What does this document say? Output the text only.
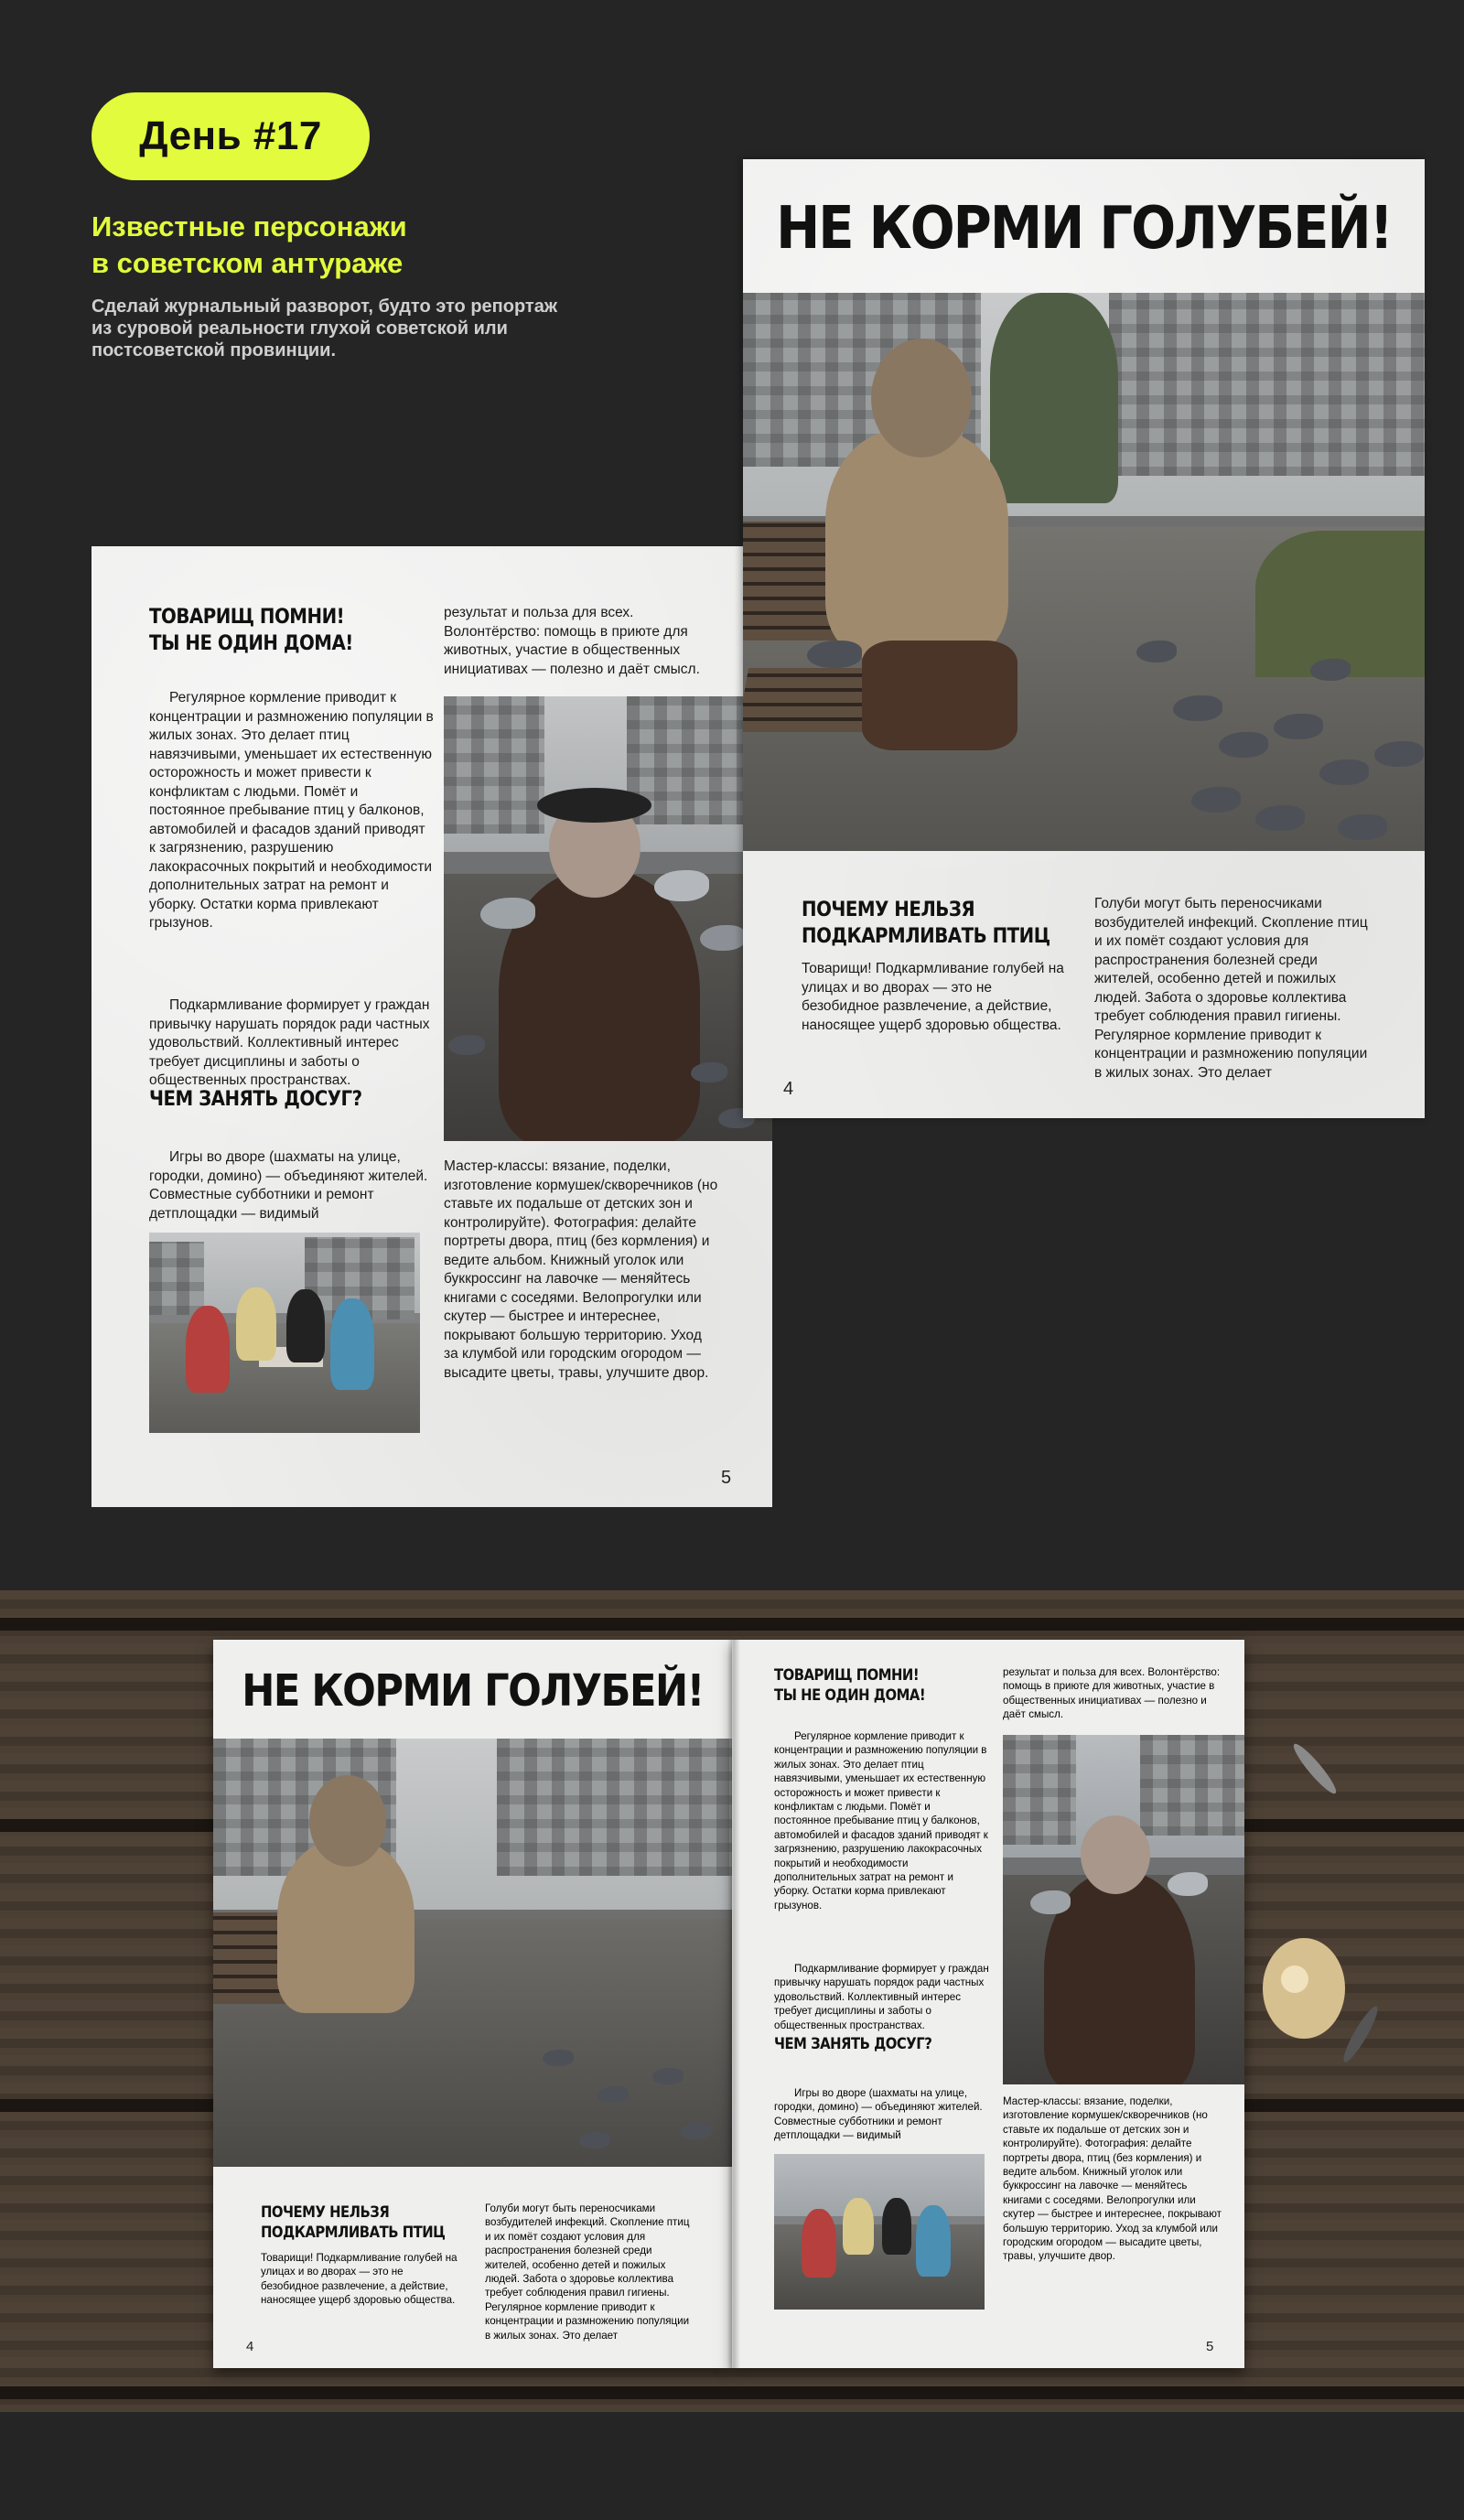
День #17
Известные персонажи
в советском антураже
Сделай журнальный разворот, будто это репортаж из суровой реальности глухой советской или постсоветской провинции.
ТОВАРИЩ ПОМНИ!
ТЫ НЕ ОДИН ДОМА!
Регулярное кормление приводит к концентрации и размножению популяции в жилых зонах. Это делает птиц навязчивыми, уменьшает их естественную осторожность и может привести к конфликтам с людьми. Помёт и постоянное пребывание птиц у балконов, автомобилей и фасадов зданий приводят к загрязнению, разрушению лакокрасочных покрытий и необходимости дополнительных затрат на ремонт и уборку. Остатки корма привлекают грызунов.
Подкармливание формирует у граждан привычку нарушать порядок ради частных удовольствий. Коллективный интерес требует дисциплины и заботы о общественных пространствах.
ЧЕМ ЗАНЯТЬ ДОСУГ?
Игры во дворе (шахматы на улице, городки, домино) — объединяют жителей. Совместные субботники и ремонт детплощадки — видимый
результат и польза для всех. Волонтёрство: помощь в приюте для животных, участие в общественных инициативах — полезно и даёт смысл.
Мастер-классы: вязание, поделки, изготовление кормушек/скворечников (но ставьте их подальше от детских зон и контролируйте). Фотография: делайте портреты двора, птиц (без кормления) и ведите альбом. Книжный уголок или буккроссинг на лавочке — меняйтесь книгами с соседями. Велопрогулки или скутер — быстрее и интереснее, покрывают большую территорию. Уход за клумбой или городским огородом — высадите цветы, травы, улучшите двор.
5
НЕ КОРМИ ГОЛУБЕЙ!
ПОЧЕМУ НЕЛЬЗЯ
ПОДКАРМЛИВАТЬ ПТИЦ
Товарищи! Подкармливание голубей на улицах и во дворах — это не безобидное развлечение, а действие, наносящее ущерб здоровью общества.
Голуби могут быть переносчиками возбудителей инфекций. Скопление птиц и их помёт создают условия для распространения болезней среди жителей, особенно детей и пожилых людей. Забота о здоровье коллектива требует соблюдения правил гигиены. Регулярное кормление приводит к концентрации и размножению популяции в жилых зонах. Это делает
4
НЕ КОРМИ ГОЛУБЕЙ!
ПОЧЕМУ НЕЛЬЗЯ
ПОДКАРМЛИВАТЬ ПТИЦ
Товарищи! Подкармливание голубей на улицах и во дворах — это не безобидное развлечение, а действие, наносящее ущерб здоровью общества.
Голуби могут быть переносчиками возбудителей инфекций. Скопление птиц и их помёт создают условия для распространения болезней среди жителей, особенно детей и пожилых людей. Забота о здоровье коллектива требует соблюдения правил гигиены. Регулярное кормление приводит к концентрации и размножению популяции в жилых зонах. Это делает
4
ТОВАРИЩ ПОМНИ!
ТЫ НЕ ОДИН ДОМА!
Регулярное кормление приводит к концентрации и размножению популяции в жилых зонах. Это делает птиц навязчивыми, уменьшает их естественную осторожность и может привести к конфликтам с людьми. Помёт и постоянное пребывание птиц у балконов, автомобилей и фасадов зданий приводят к загрязнению, разрушению лакокрасочных покрытий и необходимости дополнительных затрат на ремонт и уборку. Остатки корма привлекают грызунов.
Подкармливание формирует у граждан привычку нарушать порядок ради частных удовольствий. Коллективный интерес требует дисциплины и заботы о общественных пространствах.
ЧЕМ ЗАНЯТЬ ДОСУГ?
Игры во дворе (шахматы на улице, городки, домино) — объединяют жителей. Совместные субботники и ремонт детплощадки — видимый
результат и польза для всех. Волонтёрство: помощь в приюте для животных, участие в общественных инициативах — полезно и даёт смысл.
Мастер-классы: вязание, поделки, изготовление кормушек/скворечников (но ставьте их подальше от детских зон и контролируйте). Фотография: делайте портреты двора, птиц (без кормления) и ведите альбом. Книжный уголок или буккроссинг на лавочке — меняйтесь книгами с соседями. Велопрогулки или скутер — быстрее и интереснее, покрывают большую территорию. Уход за клумбой или городским огородом — высадите цветы, травы, улучшите двор.
5
